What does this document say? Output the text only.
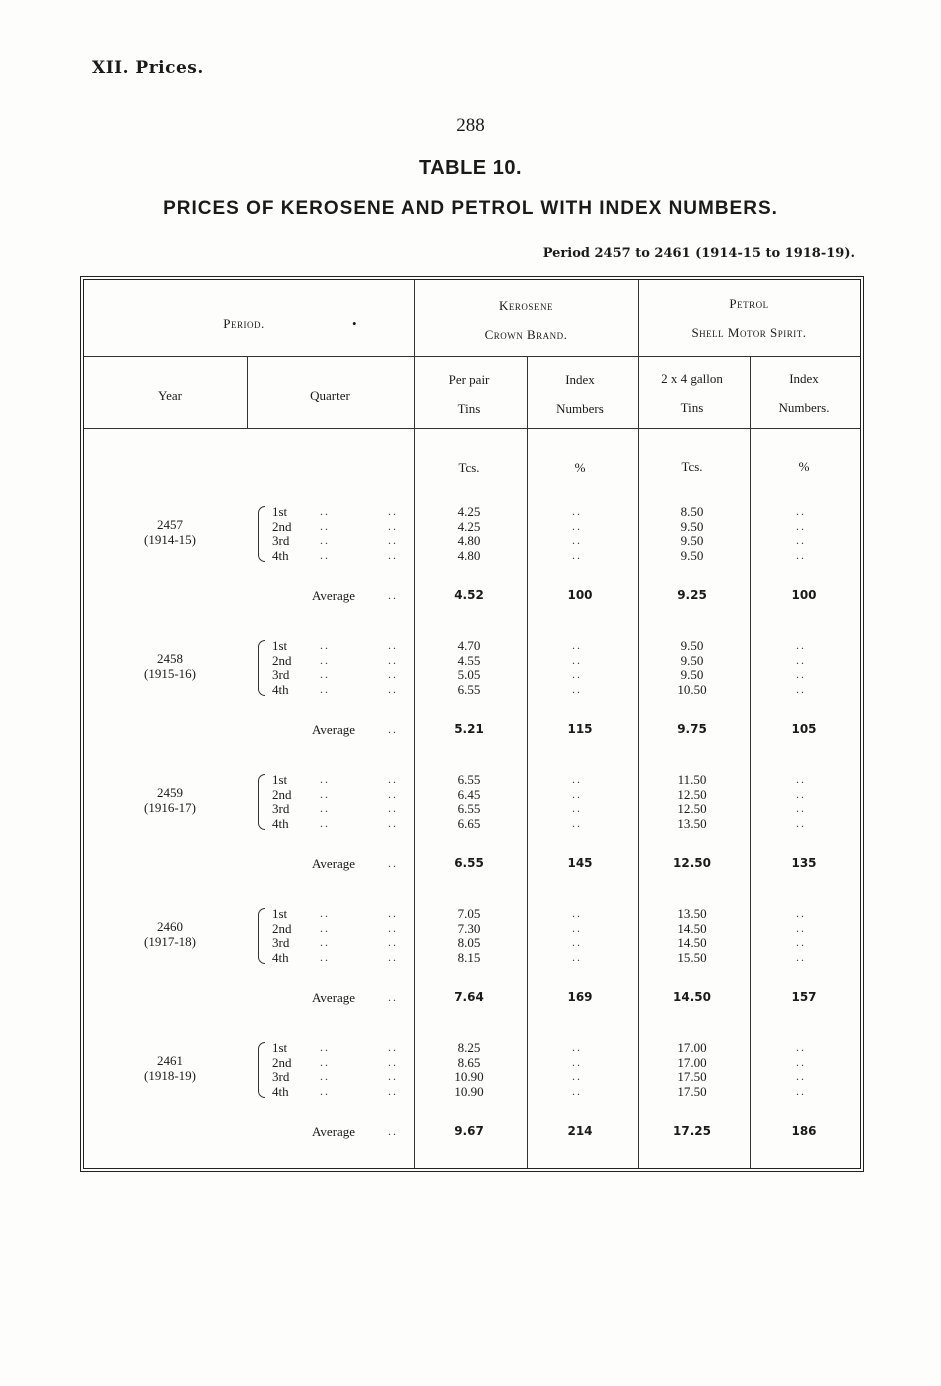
XII. Prices.
288
TABLE 10.
PRICES OF KEROSENE AND PETROL WITH INDEX NUMBERS.
Period 2457 to 2461 (1914-15 to 1918-19).
Period.	•
Kerosene
Crown Brand.
Petrol
Shell Motor Spirit.
Year	Quarter
Per pair
Tins
Index
Numbers
2 x 4 gallon
Tins
Index
Numbers.
Tcs.	%	Tcs.	%
2457
(1914-15)
1st	..	..	4.25	..	8.50	..
2nd ..	..	4.25	..	9.50	..
3rd	..	..	4.80	..	9.50	..
4th	..	..	4.80	..	9.50	..
Average	..	4.52	100	9.25	100
2458
(1915-16)
1st	..	..	4.70	..	9.50	..
2nd ..	..	4.55	..	9.50	..
3rd	..	..	5.05	..	9.50	..
4th	..	..	6.55	..	10.50	..
Average	..	5.21	115	9.75	105
2459
(1916-17)
1st	..	..	6.55	..	11.50	..
2nd ..	..	6.45	..	12.50	..
3rd	..	..	6.55	..	12.50	..
4th	..	..	6.65	..	13.50	..
Average	..	6.55	145	12.50	135
2460
(1917-18)
1st	..	..	7.05	..	13.50	..
2nd ..	..	7.30	..	14.50	..
3rd	..	..	8.05	..	14.50	..
4th	..	..	8.15	..	15.50	..
Average	..	7.64	169	14.50	157
2461
(1918-19)
1st	..	..	8.25	..	17.00	..
2nd ..	..	8.65	..	17.00	..
3rd	..	..	10.90	..	17.50	..
4th	..	..	10.90	..	17.50	..
Average	..	9.67	214	17.25	186
